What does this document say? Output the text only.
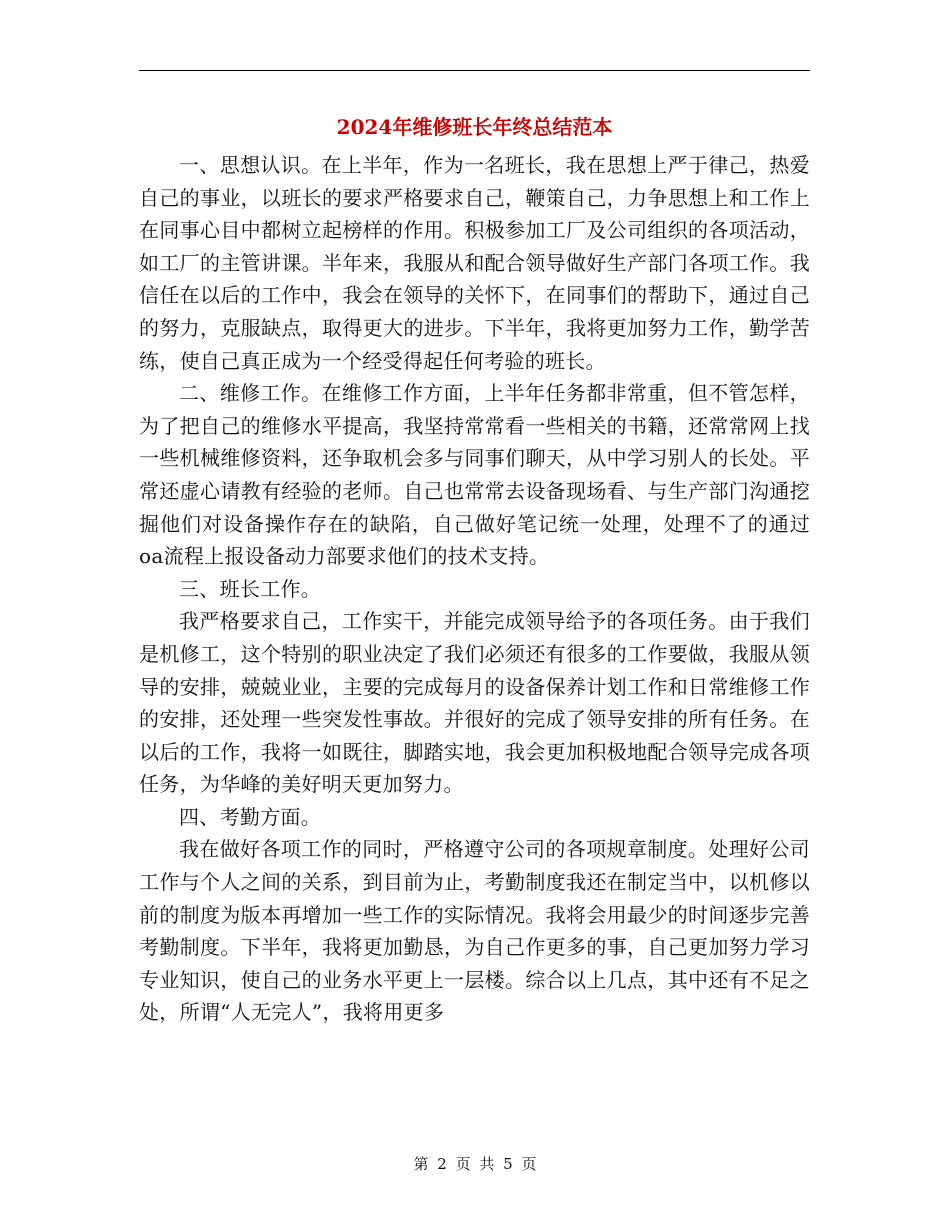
2024年维修班长年终总结范本

一、思想认识。在上半年，作为一名班长，我在思想上严于律己，热爱自己的事业，以班长的要求严格要求自己，鞭策自己，力争思想上和工作上在同事心目中都树立起榜样的作用。积极参加工厂及公司组织的各项活动，如工厂的主管讲课。半年来，我服从和配合领导做好生产部门各项工作。我信任在以后的工作中，我会在领导的关怀下，在同事们的帮助下，通过自己的努力，克服缺点，取得更大的进步。下半年，我将更加努力工作，勤学苦练，使自己真正成为一个经受得起任何考验的班长。

二、维修工作。在维修工作方面，上半年任务都非常重，但不管怎样，为了把自己的维修水平提高，我坚持常常看一些相关的书籍，还常常网上找一些机械维修资料，还争取机会多与同事们聊天，从中学习别人的长处。平常还虚心请教有经验的老师。自己也常常去设备现场看、与生产部门沟通挖掘他们对设备操作存在的缺陷，自己做好笔记统一处理，处理不了的通过oa流程上报设备动力部要求他们的技术支持。

三、班长工作。

我严格要求自己，工作实干，并能完成领导给予的各项任务。由于我们是机修工，这个特别的职业决定了我们必须还有很多的工作要做，我服从领导的安排，兢兢业业，主要的完成每月的设备保养计划工作和日常维修工作的安排，还处理一些突发性事故。并很好的完成了领导安排的所有任务。在以后的工作，我将一如既往，脚踏实地，我会更加积极地配合领导完成各项任务，为华峰的美好明天更加努力。

四、考勤方面。

我在做好各项工作的同时，严格遵守公司的各项规章制度。处理好公司工作与个人之间的关系，到目前为止，考勤制度我还在制定当中，以机修以前的制度为版本再增加一些工作的实际情况。我将会用最少的时间逐步完善考勤制度。下半年，我将更加勤恳，为自己作更多的事，自己更加努力学习专业知识，使自己的业务水平更上一层楼。综合以上几点，其中还有不足之处，所谓“人无完人”，我将用更多

第 2 页 共 5 页
